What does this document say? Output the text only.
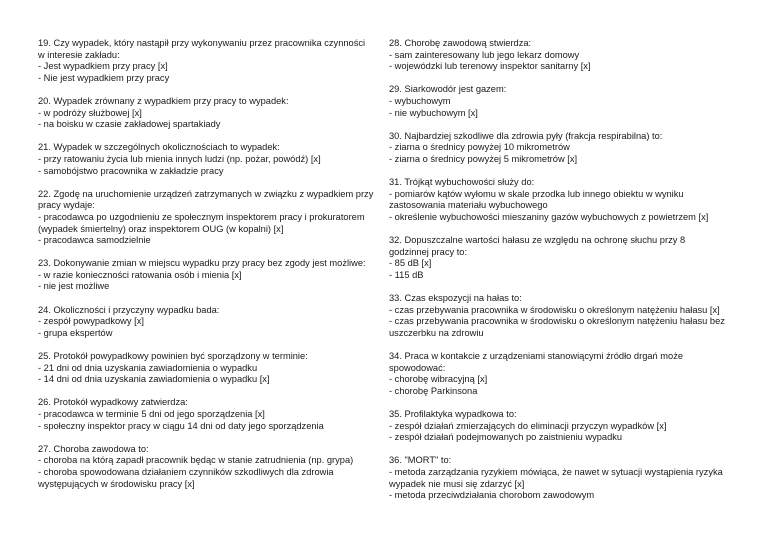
19. Czy wypadek, który nastąpił przy wykonywaniu przez pracownika czynności w interesie zakładu:
- Jest wypadkiem przy pracy [x]
- Nie jest wypadkiem przy pracy
20. Wypadek zrównany z wypadkiem przy pracy to wypadek:
- w podróży służbowej [x]
- na boisku w czasie zakładowej spartakiady
21. Wypadek w szczególnych okolicznościach to wypadek:
- przy ratowaniu życia lub mienia innych ludzi (np. pożar, powódź) [x]
- samobójstwo pracownika w zakładzie pracy
22. Zgodę na uruchomienie urządzeń zatrzymanych w związku z wypadkiem przy pracy wydaje:
- pracodawca po uzgodnieniu ze społecznym inspektorem pracy i prokuratorem (wypadek śmiertelny) oraz inspektorem OUG (w kopalni) [x]
- pracodawca samodzielnie
23. Dokonywanie zmian w miejscu wypadku przy pracy bez zgody jest możliwe:
- w razie konieczności ratowania osób i mienia [x]
- nie jest możliwe
24. Okoliczności i przyczyny wypadku bada:
- zespół powypadkowy [x]
- grupa ekspertów
25. Protokół powypadkowy powinien być sporządzony w terminie:
- 21 dni od dnia uzyskania zawiadomienia o wypadku
- 14 dni od dnia uzyskania zawiadomienia o wypadku [x]
26. Protokół wypadkowy zatwierdza:
- pracodawca w terminie 5 dni od jego sporządzenia [x]
- społeczny inspektor pracy w ciągu 14 dni od daty jego sporządzenia
27. Choroba zawodowa to:
- choroba na którą zapadł pracownik będąc w stanie zatrudnienia (np. grypa)
- choroba spowodowana działaniem czynników szkodliwych dla zdrowia występujących w środowisku pracy [x]
28. Chorobę zawodową stwierdza:
- sam zainteresowany lub jego lekarz domowy
- wojewódzki lub terenowy inspektor sanitarny [x]
29. Siarkowodór jest gazem:
- wybuchowym
- nie wybuchowym [x]
30. Najbardziej szkodliwe dla zdrowia pyły (frakcja respirabilna) to:
- ziarna o średnicy powyżej 10 mikrometrów
- ziarna o średnicy powyżej 5 mikrometrów [x]
31. Trójkąt wybuchowości służy do:
- pomiarów kątów wyłomu w skale przodka lub innego obiektu w wyniku zastosowania materiału wybuchowego
- określenie wybuchowości mieszaniny gazów wybuchowych z powietrzem [x]
32. Dopuszczalne wartości hałasu ze względu na ochronę słuchu przy 8 godzinnej pracy to:
- 85 dB [x]
- 115 dB
33. Czas ekspozycji na hałas to:
- czas przebywania pracownika w środowisku o określonym natężeniu hałasu [x]
- czas przebywania pracownika w środowisku o określonym natężeniu hałasu bez uszczerbku na zdrowiu
34. Praca w kontakcie z urządzeniami stanowiącymi źródło drgań może spowodować:
- chorobę wibracyjną [x]
- chorobę Parkinsona
35. Profilaktyka wypadkowa to:
- zespół działań zmierzających do eliminacji przyczyn wypadków [x]
- zespół działań podejmowanych po zaistnieniu wypadku
36. "MORT" to:
- metoda zarządzania ryzykiem mówiąca, że nawet w sytuacji wystąpienia ryzyka wypadek nie musi się zdarzyć [x]
- metoda przeciwdziałania chorobom zawodowym
